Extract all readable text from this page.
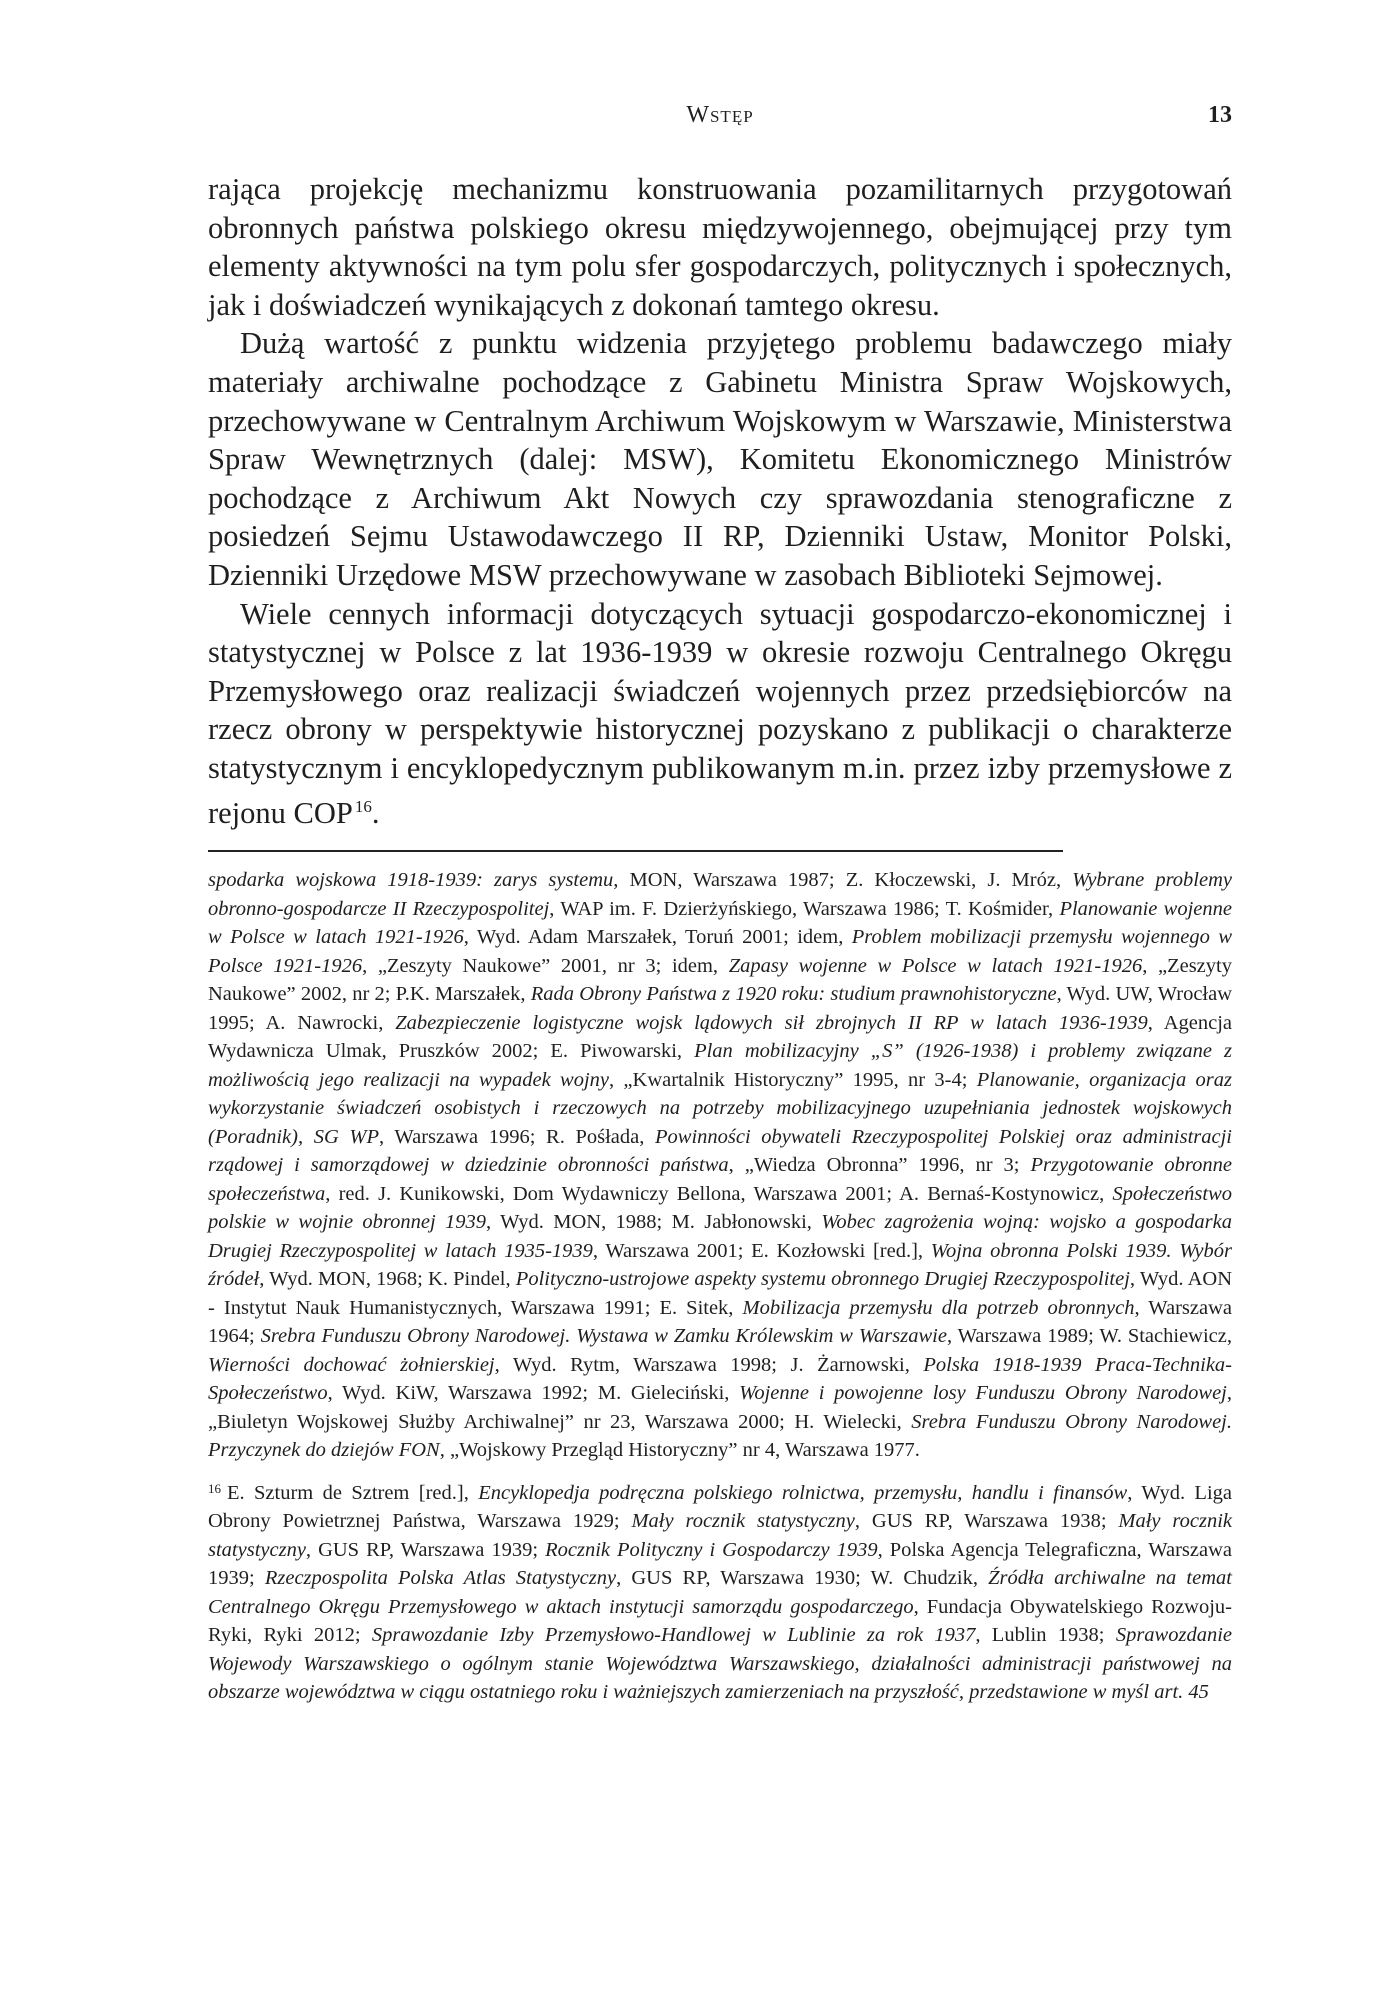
Wstęp	13

rająca projekcję mechanizmu konstruowania pozamilitarnych przygotowań obronnych państwa polskiego okresu międzywojennego, obejmującej przy tym elementy aktywności na tym polu sfer gospodarczych, politycznych i społecznych, jak i doświadczeń wynikających z dokonań tamtego okresu.

Dużą wartość z punktu widzenia przyjętego problemu badawczego miały materiały archiwalne pochodzące z Gabinetu Ministra Spraw Wojskowych, przechowywane w Centralnym Archiwum Wojskowym w Warszawie, Ministerstwa Spraw Wewnętrznych (dalej: MSW), Komitetu Ekonomicznego Ministrów pochodzące z Archiwum Akt Nowych czy sprawozdania stenograficzne z posiedzeń Sejmu Ustawodawczego II RP, Dzienniki Ustaw, Monitor Polski, Dzienniki Urzędowe MSW przechowywane w zasobach Biblioteki Sejmowej.

Wiele cennych informacji dotyczących sytuacji gospodarczo-ekonomicznej i statystycznej w Polsce z lat 1936-1939 w okresie rozwoju Centralnego Okręgu Przemysłowego oraz realizacji świadczeń wojennych przez przedsiębiorców na rzecz obrony w perspektywie historycznej pozyskano z publikacji o charakterze statystycznym i encyklopedycznym publikowanym m.in. przez izby przemysłowe z rejonu COP $^{16}$.

spodarka wojskowa 1918-1939: zarys systemu, MON, Warszawa 1987; Z. Kłoczewski, J. Mróz, Wybrane problemy obronno-gospodarcze II Rzeczypospolitej, WAP im. F. Dzierżyńskiego, Warszawa 1986; T. Kośmider, Planowanie wojenne w Polsce w latach 1921-1926, Wyd. Adam Marszałek, Toruń 2001; idem, Problem mobilizacji przemysłu wojennego w Polsce 1921-1926, „Zeszyty Naukowe” 2001, nr 3; idem, Zapasy wojenne w Polsce w latach 1921-1926, „Zeszyty Naukowe” 2002, nr 2; P.K. Marszałek, Rada Obrony Państwa z 1920 roku: studium prawnohistoryczne, Wyd. UW, Wrocław 1995; A. Nawrocki, Zabezpieczenie logistyczne wojsk lądowych sił zbrojnych II RP w latach 1936-1939, Agencja Wydawnicza Ulmak, Pruszków 2002; E. Piwowarski, Plan mobilizacyjny „S” (1926-1938) i problemy związane z możliwością jego realizacji na wypadek wojny, „Kwartalnik Historyczny” 1995, nr 3-4; Planowanie, organizacja oraz wykorzystanie świadczeń osobistych i rzeczowych na potrzeby mobilizacyjnego uzupełniania jednostek wojskowych (Poradnik), SG WP, Warszawa 1996; R. Pośłada, Powinności obywateli Rzeczypospolitej Polskiej oraz administracji rządowej i samorządowej w dziedzinie obronności państwa, „Wiedza Obronna” 1996, nr 3; Przygotowanie obronne społeczeństwa, red. J. Kunikowski, Dom Wydawniczy Bellona, Warszawa 2001; A. Bernaś-Kostynowicz, Społeczeństwo polskie w wojnie obronnej 1939, Wyd. MON, 1988; M. Jabłonowski, Wobec zagrożenia wojną: wojsko a gospodarka Drugiej Rzeczypospolitej w latach 1935-1939, Warszawa 2001; E. Kozłowski [red.], Wojna obronna Polski 1939. Wybór źródeł, Wyd. MON, 1968; K. Pindel, Polityczno-ustrojowe aspekty systemu obronnego Drugiej Rzeczypospolitej, Wyd. AON - Instytut Nauk Humanistycznych, Warszawa 1991; E. Sitek, Mobilizacja przemysłu dla potrzeb obronnych, Warszawa 1964; Srebra Funduszu Obrony Narodowej. Wystawa w Zamku Królewskim w Warszawie, Warszawa 1989; W. Stachiewicz, Wierności dochować żołnierskiej, Wyd. Rytm, Warszawa 1998; J. Żarnowski, Polska 1918-1939 Praca-Technika-Społeczeństwo, Wyd. KiW, Warszawa 1992; M. Gieleciński, Wojenne i powojenne losy Funduszu Obrony Narodowej, „Biuletyn Wojskowej Służby Archiwalnej” nr 23, Warszawa 2000; H. Wielecki, Srebra Funduszu Obrony Narodowej. Przyczynek do dziejów FON, „Wojskowy Przegląd Historyczny” nr 4, Warszawa 1977.

$^{16}$ E. Szturm de Sztrem [red.], Encyklopedja podręczna polskiego rolnictwa, przemysłu, handlu i finansów, Wyd. Liga Obrony Powietrznej Państwa, Warszawa 1929; Mały rocznik statystyczny, GUS RP, Warszawa 1938; Mały rocznik statystyczny, GUS RP, Warszawa 1939; Rocznik Polityczny i Gospodarczy 1939, Polska Agencja Telegraficzna, Warszawa 1939; Rzeczpospolita Polska Atlas Statystyczny, GUS RP, Warszawa 1930; W. Chudzik, Źródła archiwalne na temat Centralnego Okręgu Przemysłowego w aktach instytucji samorządu gospodarczego, Fundacja Obywatelskiego Rozwoju-Ryki, Ryki 2012; Sprawozdanie Izby Przemysłowo-Handlowej w Lublinie za rok 1937, Lublin 1938; Sprawozdanie Wojewody Warszawskiego o ogólnym stanie Województwa Warszawskiego, działalności administracji państwowej na obszarze województwa w ciągu ostatniego roku i ważniejszych zamierzeniach na przyszłość, przedstawione w myśl art. 45
